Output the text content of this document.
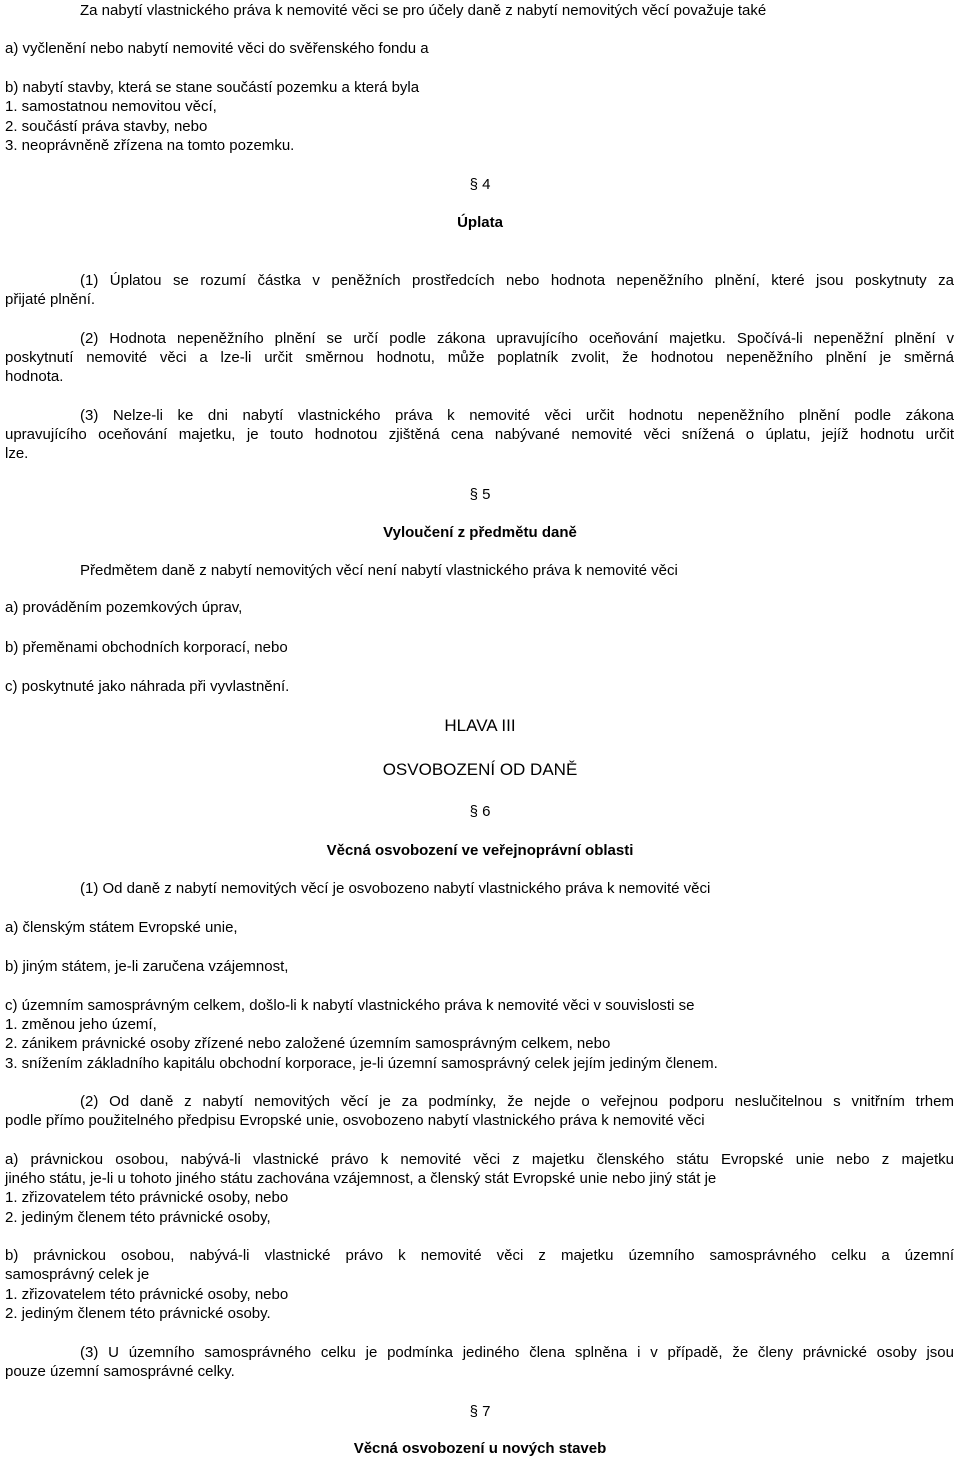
Za nabytí vlastnického práva k nemovité věci se pro účely daně z nabytí nemovitých věcí považuje také
a) vyčlenění nebo nabytí nemovité věci do svěřenského fondu a
b) nabytí stavby, která se stane součástí pozemku a která byla
1. samostatnou nemovitou věcí,
2. součástí práva stavby, nebo
3. neoprávněně zřízena na tomto pozemku.
§ 4
Úplata
(1) Úplatou se rozumí částka v peněžních prostředcích nebo hodnota nepeněžního plnění, které jsou poskytnuty za
přijaté plnění.
(2) Hodnota nepeněžního plnění se určí podle zákona upravujícího oceňování majetku. Spočívá-li nepeněžní plnění v
poskytnutí nemovité věci a lze-li určit směrnou hodnotu, může poplatník zvolit, že hodnotou nepeněžního plnění je směrná
hodnota.
(3) Nelze-li ke dni nabytí vlastnického práva k nemovité věci určit hodnotu nepeněžního plnění podle zákona
upravujícího oceňování majetku, je touto hodnotou zjištěná cena nabývané nemovité věci snížená o úplatu, jejíž hodnotu určit
lze.
§ 5
Vyloučení z předmětu daně
Předmětem daně z nabytí nemovitých věcí není nabytí vlastnického práva k nemovité věci
a) prováděním pozemkových úprav,
b) přeměnami obchodních korporací, nebo
c) poskytnuté jako náhrada při vyvlastnění.
HLAVA III
OSVOBOZENÍ OD DANĚ
§ 6
Věcná osvobození ve veřejnoprávní oblasti
(1) Od daně z nabytí nemovitých věcí je osvobozeno nabytí vlastnického práva k nemovité věci
a) členským státem Evropské unie,
b) jiným státem, je-li zaručena vzájemnost,
c) územním samosprávným celkem, došlo-li k nabytí vlastnického práva k nemovité věci v souvislosti se
1. změnou jeho území,
2. zánikem právnické osoby zřízené nebo založené územním samosprávným celkem, nebo
3. snížením základního kapitálu obchodní korporace, je-li územní samosprávný celek jejím jediným členem.
(2) Od daně z nabytí nemovitých věcí je za podmínky, že nejde o veřejnou podporu neslučitelnou s vnitřním trhem
podle přímo použitelného předpisu Evropské unie, osvobozeno nabytí vlastnického práva k nemovité věci
a) právnickou osobou, nabývá-li vlastnické právo k nemovité věci z majetku členského státu Evropské unie nebo z majetku
jiného státu, je-li u tohoto jiného státu zachována vzájemnost, a členský stát Evropské unie nebo jiný stát je
1. zřizovatelem této právnické osoby, nebo
2. jediným členem této právnické osoby,
b) právnickou osobou, nabývá-li vlastnické právo k nemovité věci z majetku územního samosprávného celku a územní
samosprávný celek je
1. zřizovatelem této právnické osoby, nebo
2. jediným členem této právnické osoby.
(3) U územního samosprávného celku je podmínka jediného člena splněna i v případě, že členy právnické osoby jsou
pouze územní samosprávné celky.
§ 7
Věcná osvobození u nových staveb
